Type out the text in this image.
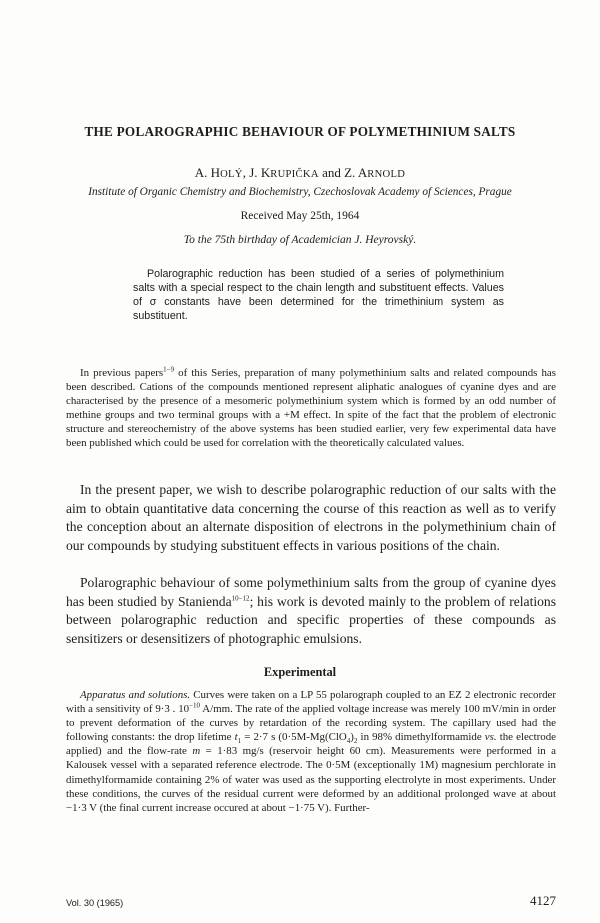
THE POLAROGRAPHIC BEHAVIOUR OF POLYMETHINIUM SALTS
A. HOLÝ, J. KRUPIČKA and Z. ARNOLD
Institute of Organic Chemistry and Biochemistry, Czechoslovak Academy of Sciences, Prague
Received May 25th, 1964
To the 75th birthday of Academician J. Heyrovský.
Polarographic reduction has been studied of a series of polymethinium salts with a special respect to the chain length and substituent effects. Values of σ constants have been determined for the trimethinium system as substituent.

In previous papers$^{1-9}$ of this Series, preparation of many polymethinium salts and related compounds has been described. Cations of the compounds mentioned represent aliphatic analogues of cyanine dyes and are characterised by the presence of a mesomeric polymethinium system which is formed by an odd number of methine groups and two terminal groups with a +M effect. In spite of the fact that the problem of electronic structure and stereochemistry of the above systems has been studied earlier, very few experimental data have been published which could be used for correlation with the theoretically calculated values.

In the present paper, we wish to describe polarographic reduction of our salts with the aim to obtain quantitative data concerning the course of this reaction as well as to verify the conception about an alternate disposition of electrons in the polymethinium chain of our compounds by studying substituent effects in various positions of the chain.

Polarographic behaviour of some polymethinium salts from the group of cyanine dyes has been studied by Stanienda$^{10-12}$; his work is devoted mainly to the problem of relations between polarographic reduction and specific properties of these compounds as sensitizers or desensitizers of photographic emulsions.

Experimental

Apparatus and solutions. Curves were taken on a LP 55 polarograph coupled to an EZ 2 electronic recorder with a sensitivity of 9·3 . $10^{-10}$ A/mm. The rate of the applied voltage increase was merely 100 mV/min in order to prevent deformation of the curves by retardation of the recording system. The capillary used had the following constants: the drop lifetime $t_1 = 2\cdot 7$ s ($0\cdot 5M-Mg(ClO_4)_2$ in 98% dimethylformamide vs. the electrode applied) and the flow-rate m = 1·83 mg/s (reservoir height 60 cm). Measurements were performed in a Kalousek vessel with a separated reference electrode. The 0·5M (exceptionally 1M) magnesium perchlorate in dimethylformamide containing 2% of water was used as the supporting electrolyte in most experiments. Under these conditions, the curves of the residual current were deformed by an additional prolonged wave at about −1·3 V (the final current increase occured at about −1·75 V). Further-

Vol. 30 (1965)	4127
